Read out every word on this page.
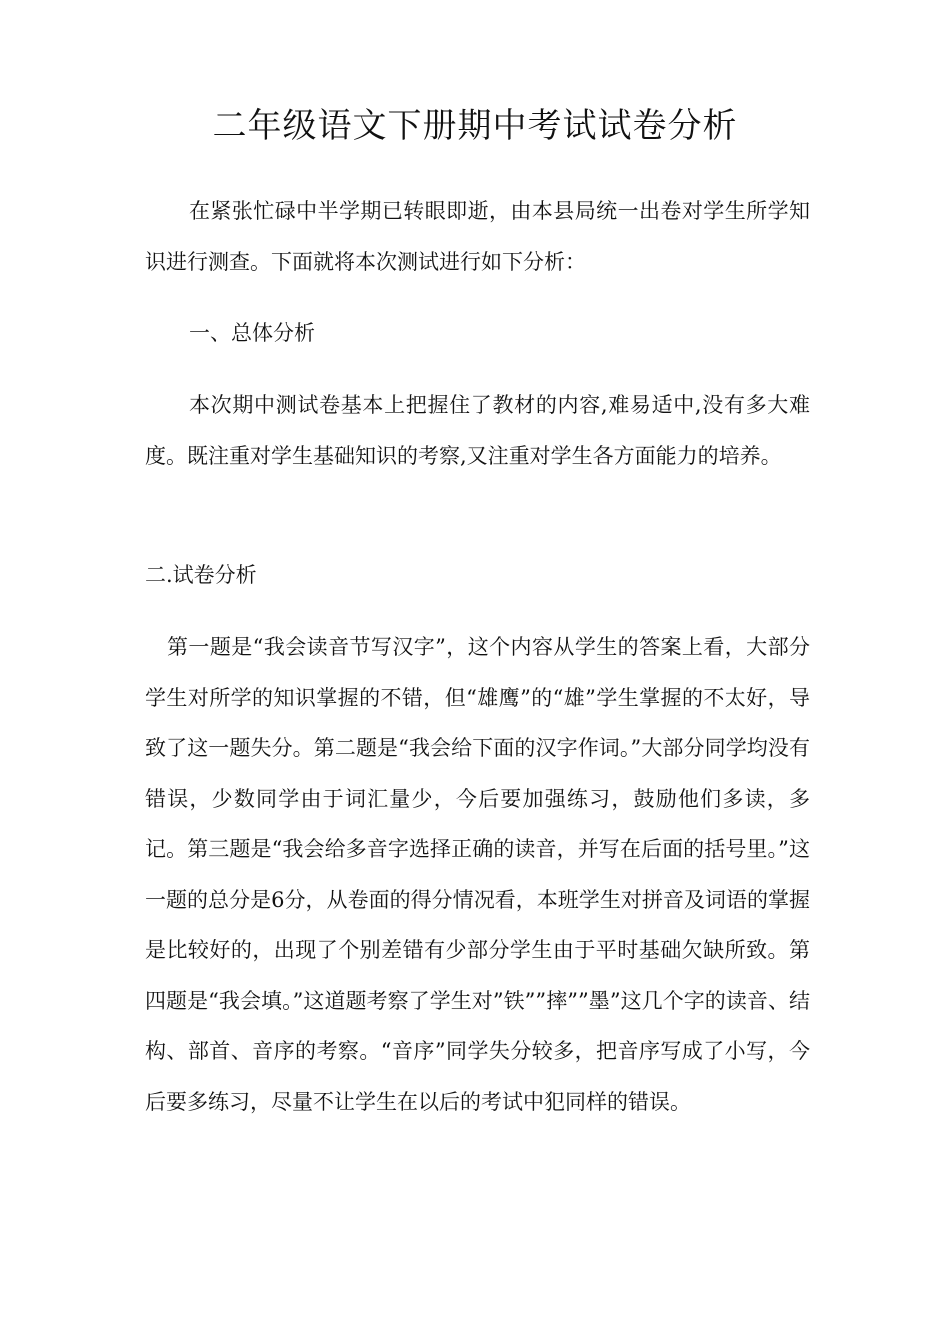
二年级语文下册期中考试试卷分析

在紧张忙碌中半学期已转眼即逝，由本县局统一出卷对学生所学知识进行测查。下面就将本次测试进行如下分析：

一、总体分析

本次期中测试卷基本上把握住了教材的内容,难易适中,没有多大难度。既注重对学生基础知识的考察,又注重对学生各方面能力的培养。

二.试卷分析

第一题是“我会读音节写汉字”，这个内容从学生的答案上看，大部分学生对所学的知识掌握的不错，但“雄鹰”的“雄”学生掌握的不太好，导致了这一题失分。第二题是“我会给下面的汉字作词。”大部分同学均没有错误，少数同学由于词汇量少，今后要加强练习，鼓励他们多读，多记。第三题是“我会给多音字选择正确的读音，并写在后面的括号里。”这一题的总分是6分，从卷面的得分情况看，本班学生对拼音及词语的掌握是比较好的，出现了个别差错有少部分学生由于平时基础欠缺所致。第四题是“我会填。”这道题考察了学生对”铁””摔””墨”这几个字的读音、结构、部首、音序的考察。“音序”同学失分较多，把音序写成了小写，今后要多练习，尽量不让学生在以后的考试中犯同样的错误。
